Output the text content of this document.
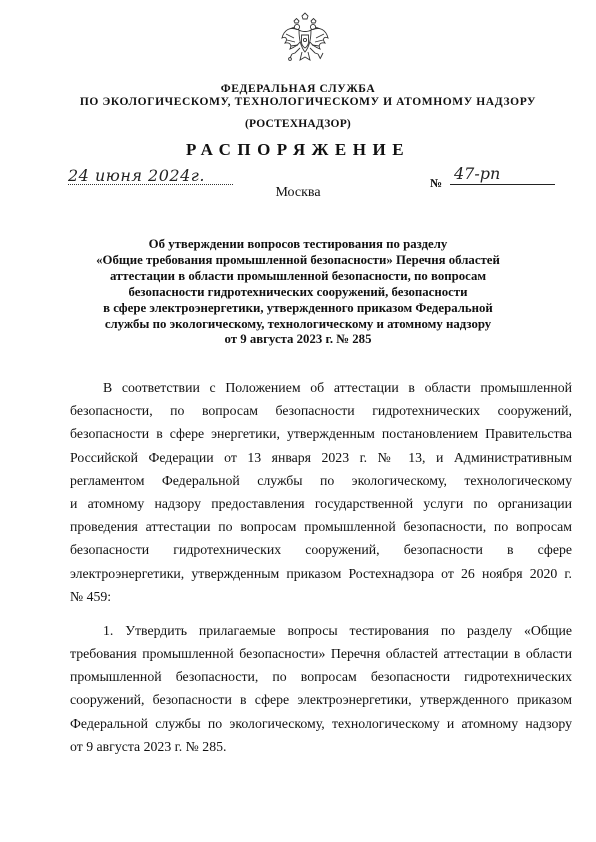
ФЕДЕРАЛЬНАЯ СЛУЖБА
ПО ЭКОЛОГИЧЕСКОМУ, ТЕХНОЛОГИЧЕСКОМУ И АТОМНОМУ НАДЗОРУ
(РОСТЕХНАДЗОР)
РАСПОРЯЖЕНИЕ
24 июня 2024г.	№ 47-рп
Москва
Об утверждении вопросов тестирования по разделу
«Общие требования промышленной безопасности» Перечня областей
аттестации в области промышленной безопасности, по вопросам
безопасности гидротехнических сооружений, безопасности
в сфере электроэнергетики, утвержденного приказом Федеральной
службы по экологическому, технологическому и атомному надзору
от 9 августа 2023 г. № 285
В соответствии с Положением об аттестации в области промышленной
безопасности, по вопросам безопасности гидротехнических сооружений,
безопасности в сфере энергетики, утвержденным постановлением Правительства
Российской Федерации от 13 января 2023 г. № 13, и Административным
регламентом Федеральной службы по экологическому, технологическому
и атомному надзору предоставления государственной услуги по организации
проведения аттестации по вопросам промышленной безопасности, по вопросам
безопасности гидротехнических сооружений, безопасности в сфере
электроэнергетики, утвержденным приказом Ростехнадзора от 26 ноября 2020 г.
№ 459:
1. Утвердить прилагаемые вопросы тестирования по разделу «Общие
требования промышленной безопасности» Перечня областей аттестации в области
промышленной безопасности, по вопросам безопасности гидротехнических
сооружений, безопасности в сфере электроэнергетики, утвержденного приказом
Федеральной службы по экологическому, технологическому и атомному надзору
от 9 августа 2023 г. № 285.
